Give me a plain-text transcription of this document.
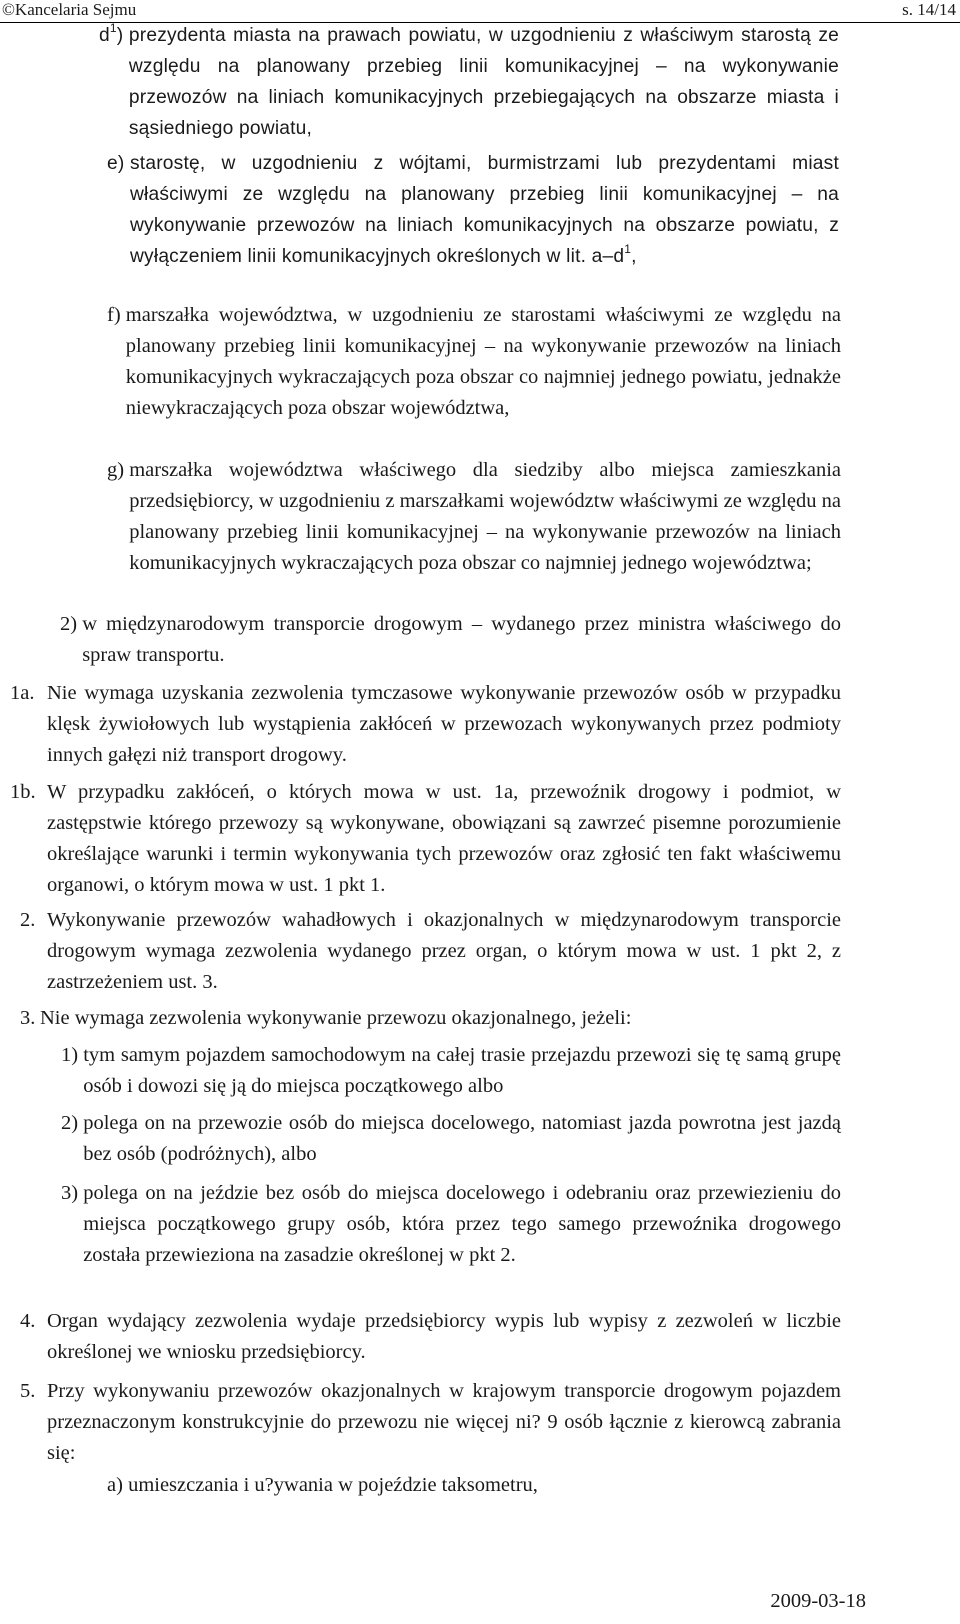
©Kancelaria Sejmu	s. 14/14
$d^1$) prezydenta miasta na prawach powiatu, w uzgodnieniu z właściwym starostą ze względu na planowany przebieg linii komunikacyjnej – na wykonywanie przewozów na liniach komunikacyjnych przebiegających na obszarze miasta i sąsiedniego powiatu,
e) starostę, w uzgodnieniu z wójtami, burmistrzami lub prezydentami miast właściwymi ze względu na planowany przebieg linii komunikacyjnej – na wykonywanie przewozów na liniach komunikacyjnych na obszarze powiatu, z wyłączeniem linii komunikacyjnych określonych w lit. $a-d^1$,
f) marszałka województwa, w uzgodnieniu ze starostami właściwymi ze względu na planowany przebieg linii komunikacyjnej – na wykonywanie przewozów na liniach komunikacyjnych wykraczających poza obszar co najmniej jednego powiatu, jednakże niewykraczających poza obszar województwa,
g) marszałka województwa właściwego dla siedziby albo miejsca zamieszkania przedsiębiorcy, w uzgodnieniu z marszałkami województw właściwymi ze względu na planowany przebieg linii komunikacyjnej – na wykonywanie przewozów na liniach komunikacyjnych wykraczających poza obszar co najmniej jednego województwa;
2) w międzynarodowym transporcie drogowym – wydanego przez ministra właściwego do spraw transportu.
1a. Nie wymaga uzyskania zezwolenia tymczasowe wykonywanie przewozów osób w przypadku klęsk żywiołowych lub wystąpienia zakłóceń w przewozach wykonywanych przez podmioty innych gałęzi niż transport drogowy.
1b. W przypadku zakłóceń, o których mowa w ust. 1a, przewoźnik drogowy i podmiot, w zastępstwie którego przewozy są wykonywane, obowiązani są zawrzeć pisemne porozumienie określające warunki i termin wykonywania tych przewozów oraz zgłosić ten fakt właściwemu organowi, o którym mowa w ust. 1 pkt 1.
2. Wykonywanie przewozów wahadłowych i okazjonalnych w międzynarodowym transporcie drogowym wymaga zezwolenia wydanego przez organ, o którym mowa w ust. 1 pkt 2, z zastrzeżeniem ust. 3.
3. Nie wymaga zezwolenia wykonywanie przewozu okazjonalnego, jeżeli:
1) tym samym pojazdem samochodowym na całej trasie przejazdu przewozi się tę samą grupę osób i dowozi się ją do miejsca początkowego albo
2) polega on na przewozie osób do miejsca docelowego, natomiast jazda powrotna jest jazdą bez osób (podróżnych), albo
3) polega on na jeździe bez osób do miejsca docelowego i odebraniu oraz przewiezieniu do miejsca początkowego grupy osób, która przez tego samego przewoźnika drogowego została przewieziona na zasadzie określonej w pkt 2.
4. Organ wydający zezwolenia wydaje przedsiębiorcy wypis lub wypisy z zezwoleń w liczbie określonej we wniosku przedsiębiorcy.
5. Przy wykonywaniu przewozów okazjonalnych w krajowym transporcie drogowym pojazdem przeznaczonym konstrukcyjnie do przewozu nie więcej ni? 9 osób łącznie z kierowcą zabrania się:
a) umieszczania i u?ywania w pojeździe taksometru,
2009-03-18
